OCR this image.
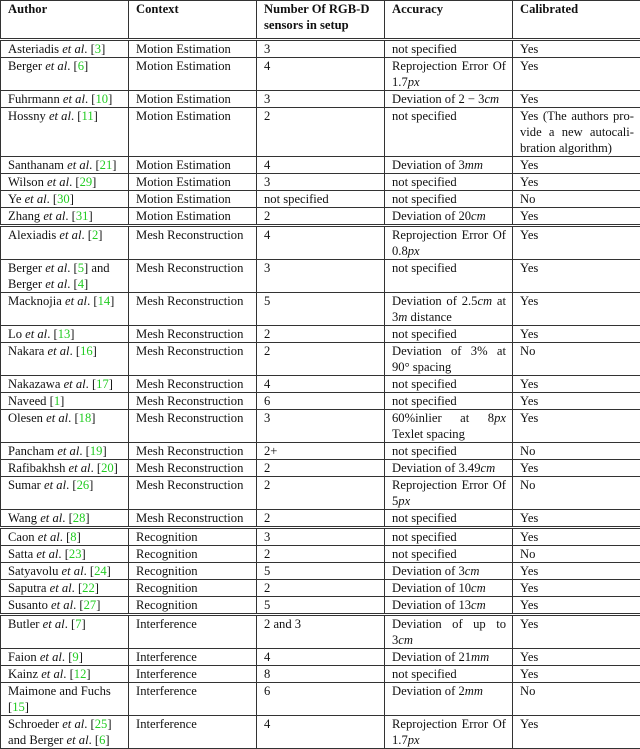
Author	Context	Number Of RGB-D sensors in setup	Accuracy	Calibrated
Asteriadis et al. [3]	Motion Estimation	3	not specified	Yes
Berger et al. [6]	Motion Estimation	4	Reprojection Error Of 1.7px	Yes
Fuhrmann et al. [10]	Motion Estimation	3	Deviation of 2 − 3cm	Yes
Hossny et al. [11]	Motion Estimation	2	not specified	Yes (The authors pro-vide a new autocali-bration algorithm)
Santhanam et al. [21]	Motion Estimation	4	Deviation of 3mm	Yes
Wilson et al. [29]	Motion Estimation	3	not specified	Yes
Ye et al. [30]	Motion Estimation	not specified	not specified	No
Zhang et al. [31]	Motion Estimation	2	Deviation of 20cm	Yes
Alexiadis et al. [2]	Mesh Reconstruction	4	Reprojection Error Of 0.8px	Yes
Berger et al. [5] and Berger et al. [4]	Mesh Reconstruction	3	not specified	Yes
Macknojia et al. [14]	Mesh Reconstruction	5	Deviation of 2.5cm at 3m distance	Yes
Lo et al. [13]	Mesh Reconstruction	2	not specified	Yes
Nakara et al. [16]	Mesh Reconstruction	2	Deviation of 3% at 90° spacing	No
Nakazawa et al. [17]	Mesh Reconstruction	4	not specified	Yes
Naveed [1]	Mesh Reconstruction	6	not specified	Yes
Olesen et al. [18]	Mesh Reconstruction	3	60%inlier at 8px Texlet spacing	Yes
Pancham et al. [19]	Mesh Reconstruction	2+	not specified	No
Rafibakhsh et al. [20]	Mesh Reconstruction	2	Deviation of 3.49cm	Yes
Sumar et al. [26]	Mesh Reconstruction	2	Reprojection Error Of 5px	No
Wang et al. [28]	Mesh Reconstruction	2	not specified	Yes
Caon et al. [8]	Recognition	3	not specified	Yes
Satta et al. [23]	Recognition	2	not specified	No
Satyavolu et al. [24]	Recognition	5	Deviation of 3cm	Yes
Saputra et al. [22]	Recognition	2	Deviation of 10cm	Yes
Susanto et al. [27]	Recognition	5	Deviation of 13cm	Yes
Butler et al. [7]	Interference	2 and 3	Deviation of up to 3cm	Yes
Faion et al. [9]	Interference	4	Deviation of 21mm	Yes
Kainz et al. [12]	Interference	8	not specified	Yes
Maimone and Fuchs [15]	Interference	6	Deviation of 2mm	No
Schroeder et al. [25] and Berger et al. [6]	Interference	4	Reprojection Error Of 1.7px	Yes
